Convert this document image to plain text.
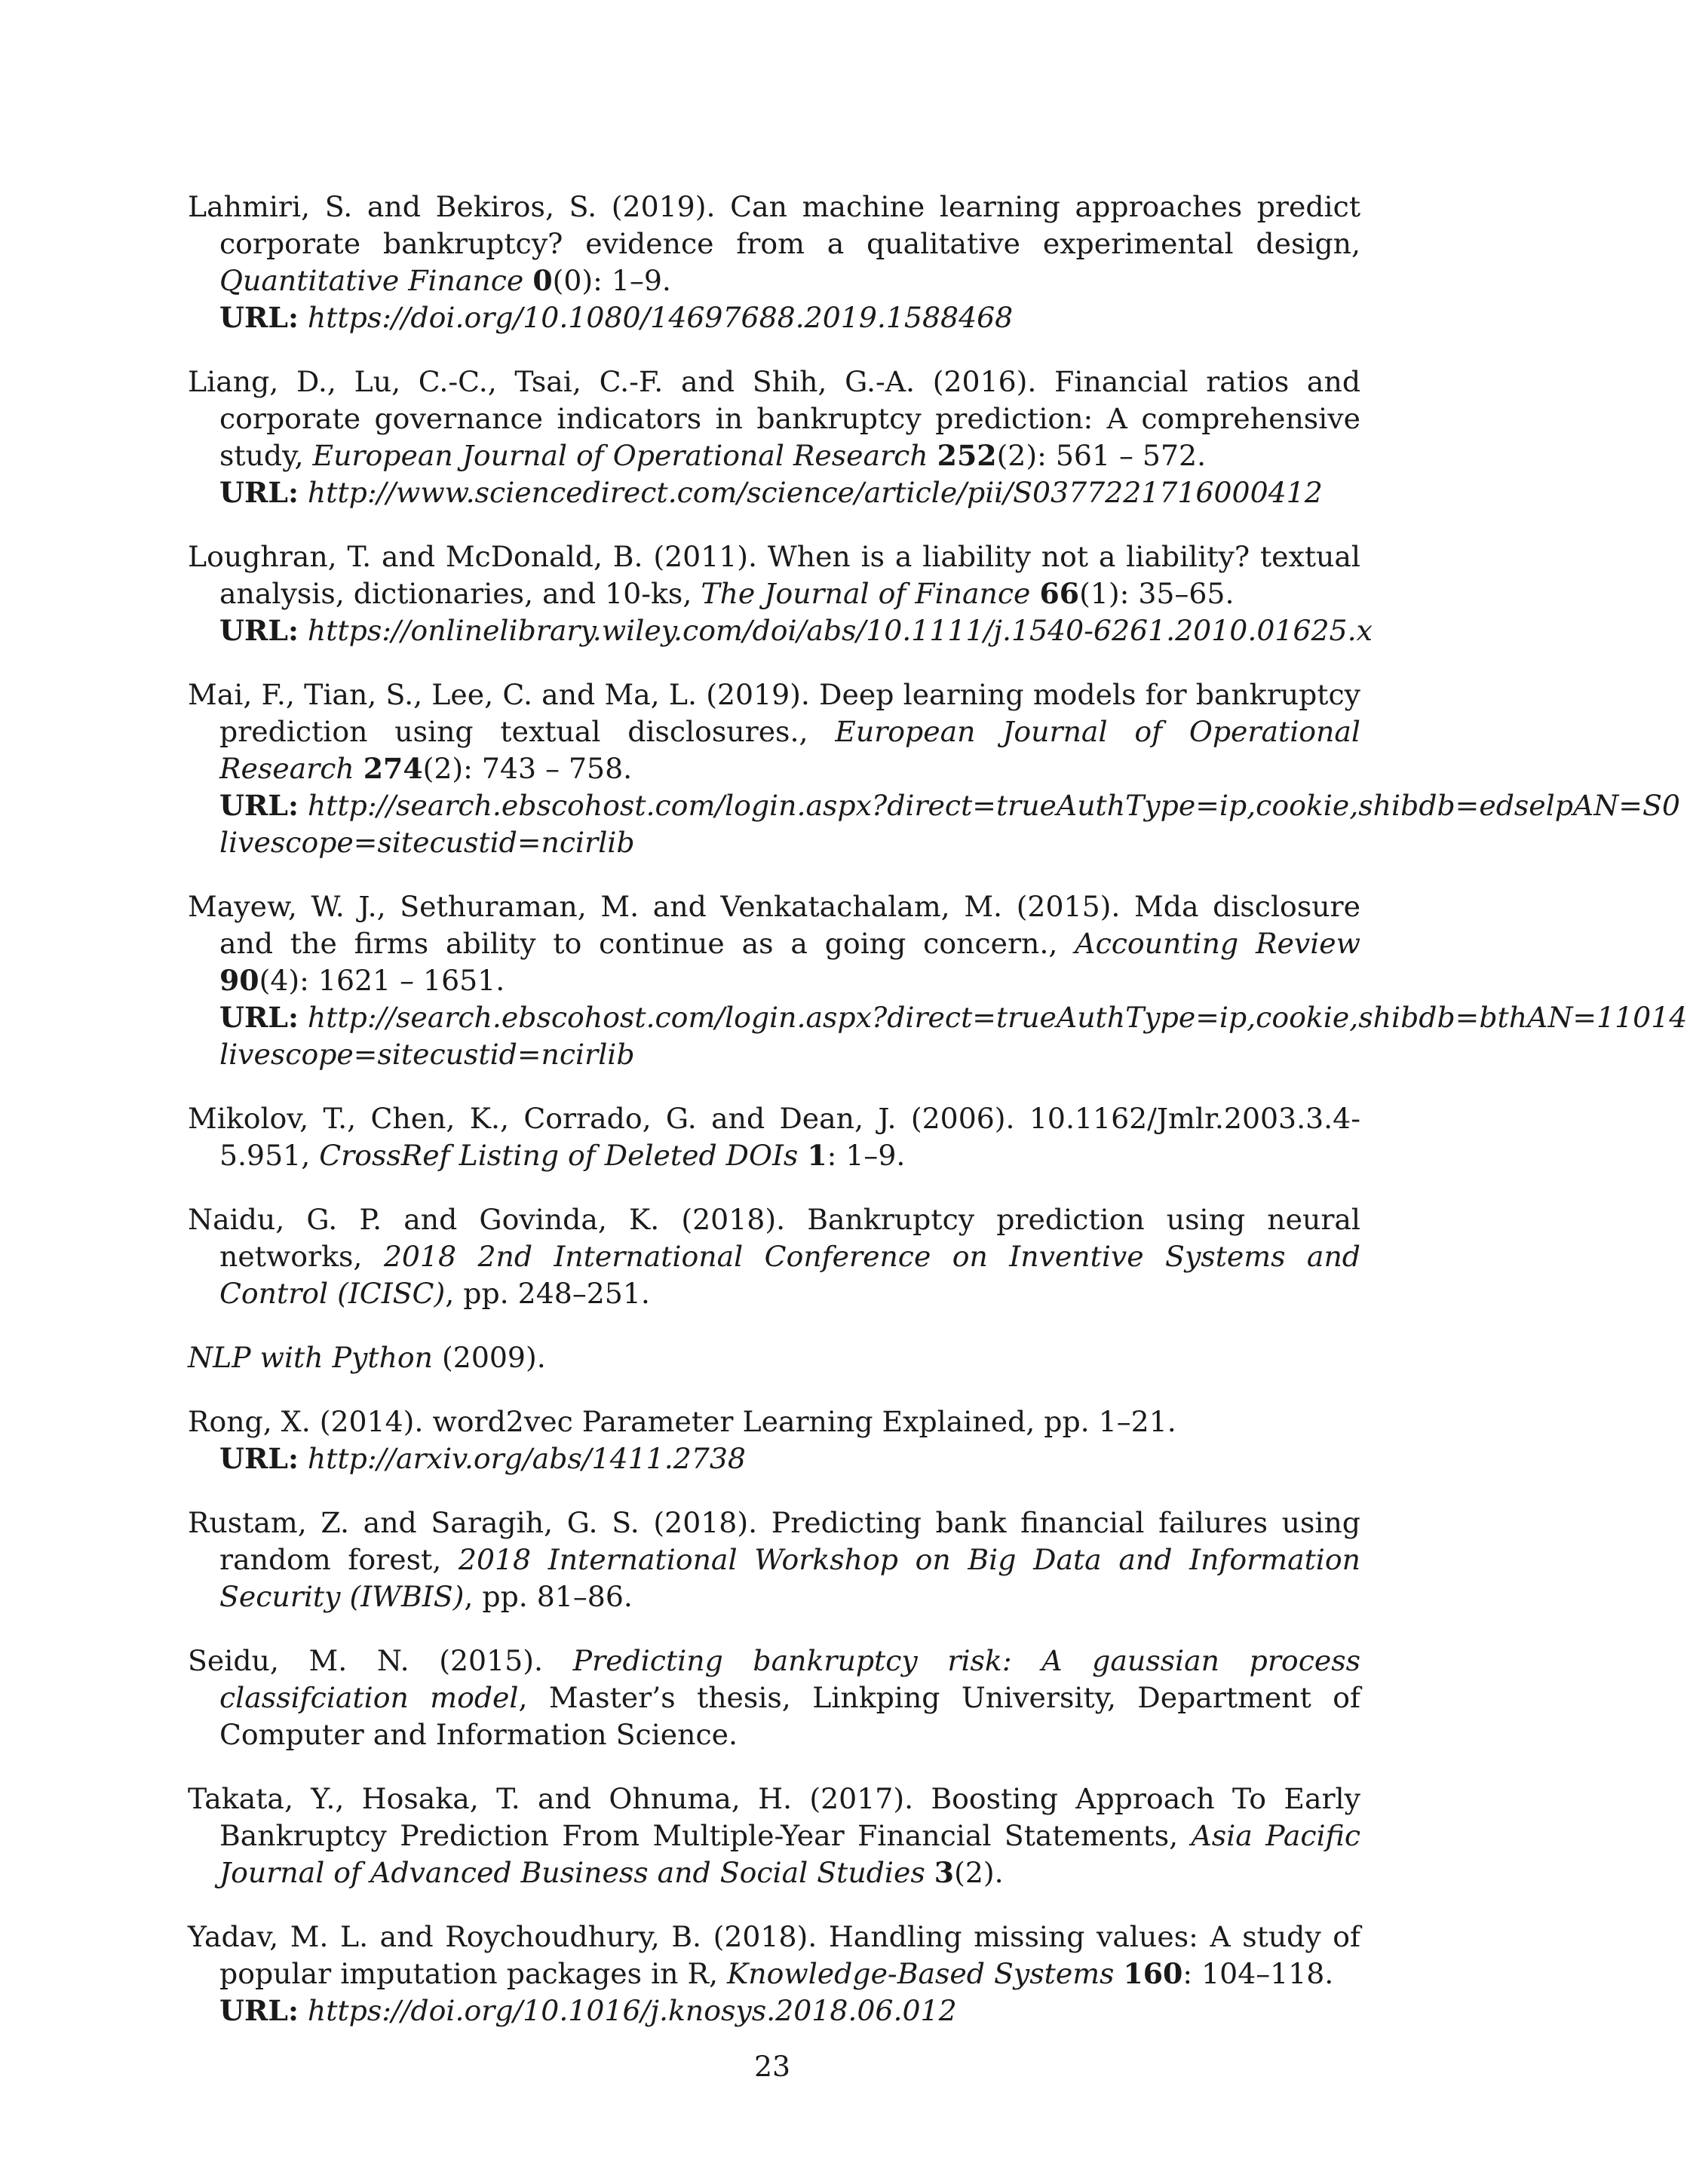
Lahmiri, S. and Bekiros, S. (2019). Can machine learning approaches predict corporate bankruptcy? evidence from a qualitative experimental design, Quantitative Finance 0(0): 1–9.
URL: https://doi.org/10.1080/14697688.2019.1588468

Liang, D., Lu, C.-C., Tsai, C.-F. and Shih, G.-A. (2016). Financial ratios and corporate governance indicators in bankruptcy prediction: A comprehensive study, European Journal of Operational Research 252(2): 561 – 572.
URL: http://www.sciencedirect.com/science/article/pii/S0377221716000412

Loughran, T. and McDonald, B. (2011). When is a liability not a liability? textual analysis, dictionaries, and 10-ks, The Journal of Finance 66(1): 35–65.
URL: https://onlinelibrary.wiley.com/doi/abs/10.1111/j.1540-6261.2010.01625.x

Mai, F., Tian, S., Lee, C. and Ma, L. (2019). Deep learning models for bankruptcy prediction using textual disclosures., European Journal of Operational Research 274(2): 743 – 758.
URL: http://search.ebscohost.com/login.aspx?direct=trueAuthType=ip,cookie,shibdb=edselpAN=S0
livescope=sitecustid=ncirlib

Mayew, W. J., Sethuraman, M. and Venkatachalam, M. (2015). Mda disclosure and the firms ability to continue as a going concern., Accounting Review 90(4): 1621 – 1651.
URL: http://search.ebscohost.com/login.aspx?direct=trueAuthType=ip,cookie,shibdb=bthAN=11014
livescope=sitecustid=ncirlib

Mikolov, T., Chen, K., Corrado, G. and Dean, J. (2006). 10.1162/Jmlr.2003.3.4-5.951, CrossRef Listing of Deleted DOIs 1: 1–9.

Naidu, G. P. and Govinda, K. (2018). Bankruptcy prediction using neural networks, 2018 2nd International Conference on Inventive Systems and Control (ICISC), pp. 248–251.

NLP with Python (2009).

Rong, X. (2014). word2vec Parameter Learning Explained, pp. 1–21.
URL: http://arxiv.org/abs/1411.2738

Rustam, Z. and Saragih, G. S. (2018). Predicting bank financial failures using random forest, 2018 International Workshop on Big Data and Information Security (IWBIS), pp. 81–86.

Seidu, M. N. (2015). Predicting bankruptcy risk: A gaussian process classifciation model, Master’s thesis, Linkping University, Department of Computer and Information Science.

Takata, Y., Hosaka, T. and Ohnuma, H. (2017). Boosting Approach To Early Bankruptcy Prediction From Multiple-Year Financial Statements, Asia Pacific Journal of Advanced Business and Social Studies 3(2).

Yadav, M. L. and Roychoudhury, B. (2018). Handling missing values: A study of popular imputation packages in R, Knowledge-Based Systems 160: 104–118.
URL: https://doi.org/10.1016/j.knosys.2018.06.012

23
